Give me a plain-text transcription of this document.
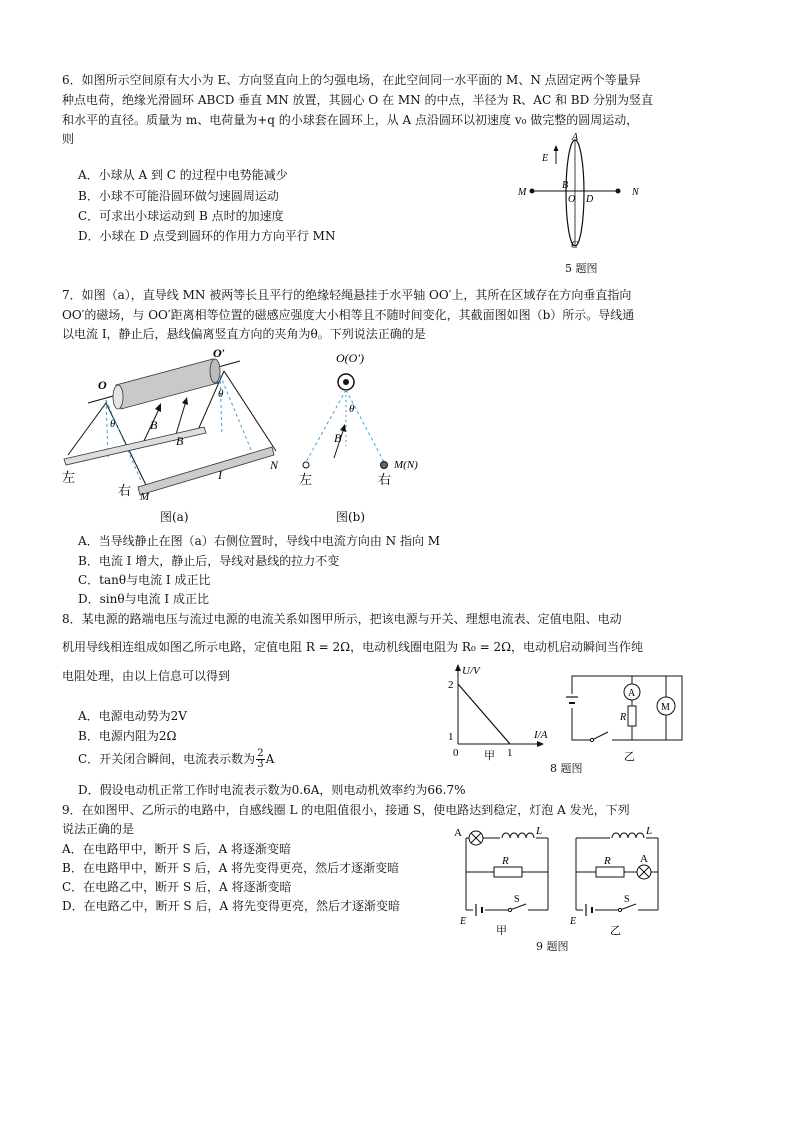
6．如图所示空间原有大小为 E、方向竖直向上的匀强电场，在此空间同一水平面的 M、N 点固定两个等量异
种点电荷，绝缘光滑圆环 ABCD 垂直 MN 放置，其圆心 O 在 MN 的中点，半径为 R、AC 和 BD 分别为竖直
和水平的直径。质量为 m、电荷量为+q 的小球套在圆环上，从 A 点沿圆环以初速度 v₀ 做完整的圆周运动，
则
A．小球从 A 到 C 的过程中电势能减少
B．小球不可能沿圆环做匀速圆周运动
C．可求出小球运动到 B 点时的加速度
D．小球在 D 点受到圆环的作用力方向平行 MN
A
E
B
O D
M	N
C
5 题图
7．如图（a），直导线 MN 被两等长且平行的绝缘轻绳悬挂于水平轴 OO′上，其所在区域存在方向垂直指向
OO′的磁场，与 OO′距离相等位置的磁感应强度大小相等且不随时间变化，其截面图如图（b）所示。导线通
以电流 I，静止后，悬线偏离竖直方向的夹角为θ。下列说法正确的是
O
O′
θ
θ
B
B
N
I
M
左
右
图(a)
O(O′)
θ
B
M(N)
左	右
图(b)
A．当导线静止在图（a）右侧位置时，导线中电流方向由 N 指向 M
B．电流 I 增大，静止后，导线对悬线的拉力不变
C．tanθ与电流 I 成正比
D．sinθ与电流 I 成正比
8．某电源的路端电压与流过电源的电流关系如图甲所示，把该电源与开关、理想电流表、定值电阻、电动
机用导线相连组成如图乙所示电路，定值电阻 R = 2Ω，电动机线圈电阻为 R₀ = 2Ω，电动机启动瞬间当作纯
电阻处理，由以上信息可以得到
A．电源电动势为2V
B．电源内阻为2Ω
C．开关闭合瞬间，电流表示数为 $\frac{2}{3}$ A
D．假设电动机正常工作时电流表示数为0.6A，则电动机效率约为66.7%
U/V
I/A
2
1
0	1
甲
A
R
M
乙
8 题图
9．在如图甲、乙所示的电路中，自感线圈 L 的电阻值很小，接通 S，使电路达到稳定，灯泡 A 发光，下列
说法正确的是
A．在电路甲中，断开 S 后，A 将逐渐变暗
B．在电路甲中，断开 S 后，A 将先变得更亮，然后才逐渐变暗
C．在电路乙中，断开 S 后，A 将逐渐变暗
D．在电路乙中，断开 S 后，A 将先变得更亮，然后才逐渐变暗
A	L
R
S
E
甲
A
L
R
S
E
乙
9 题图
